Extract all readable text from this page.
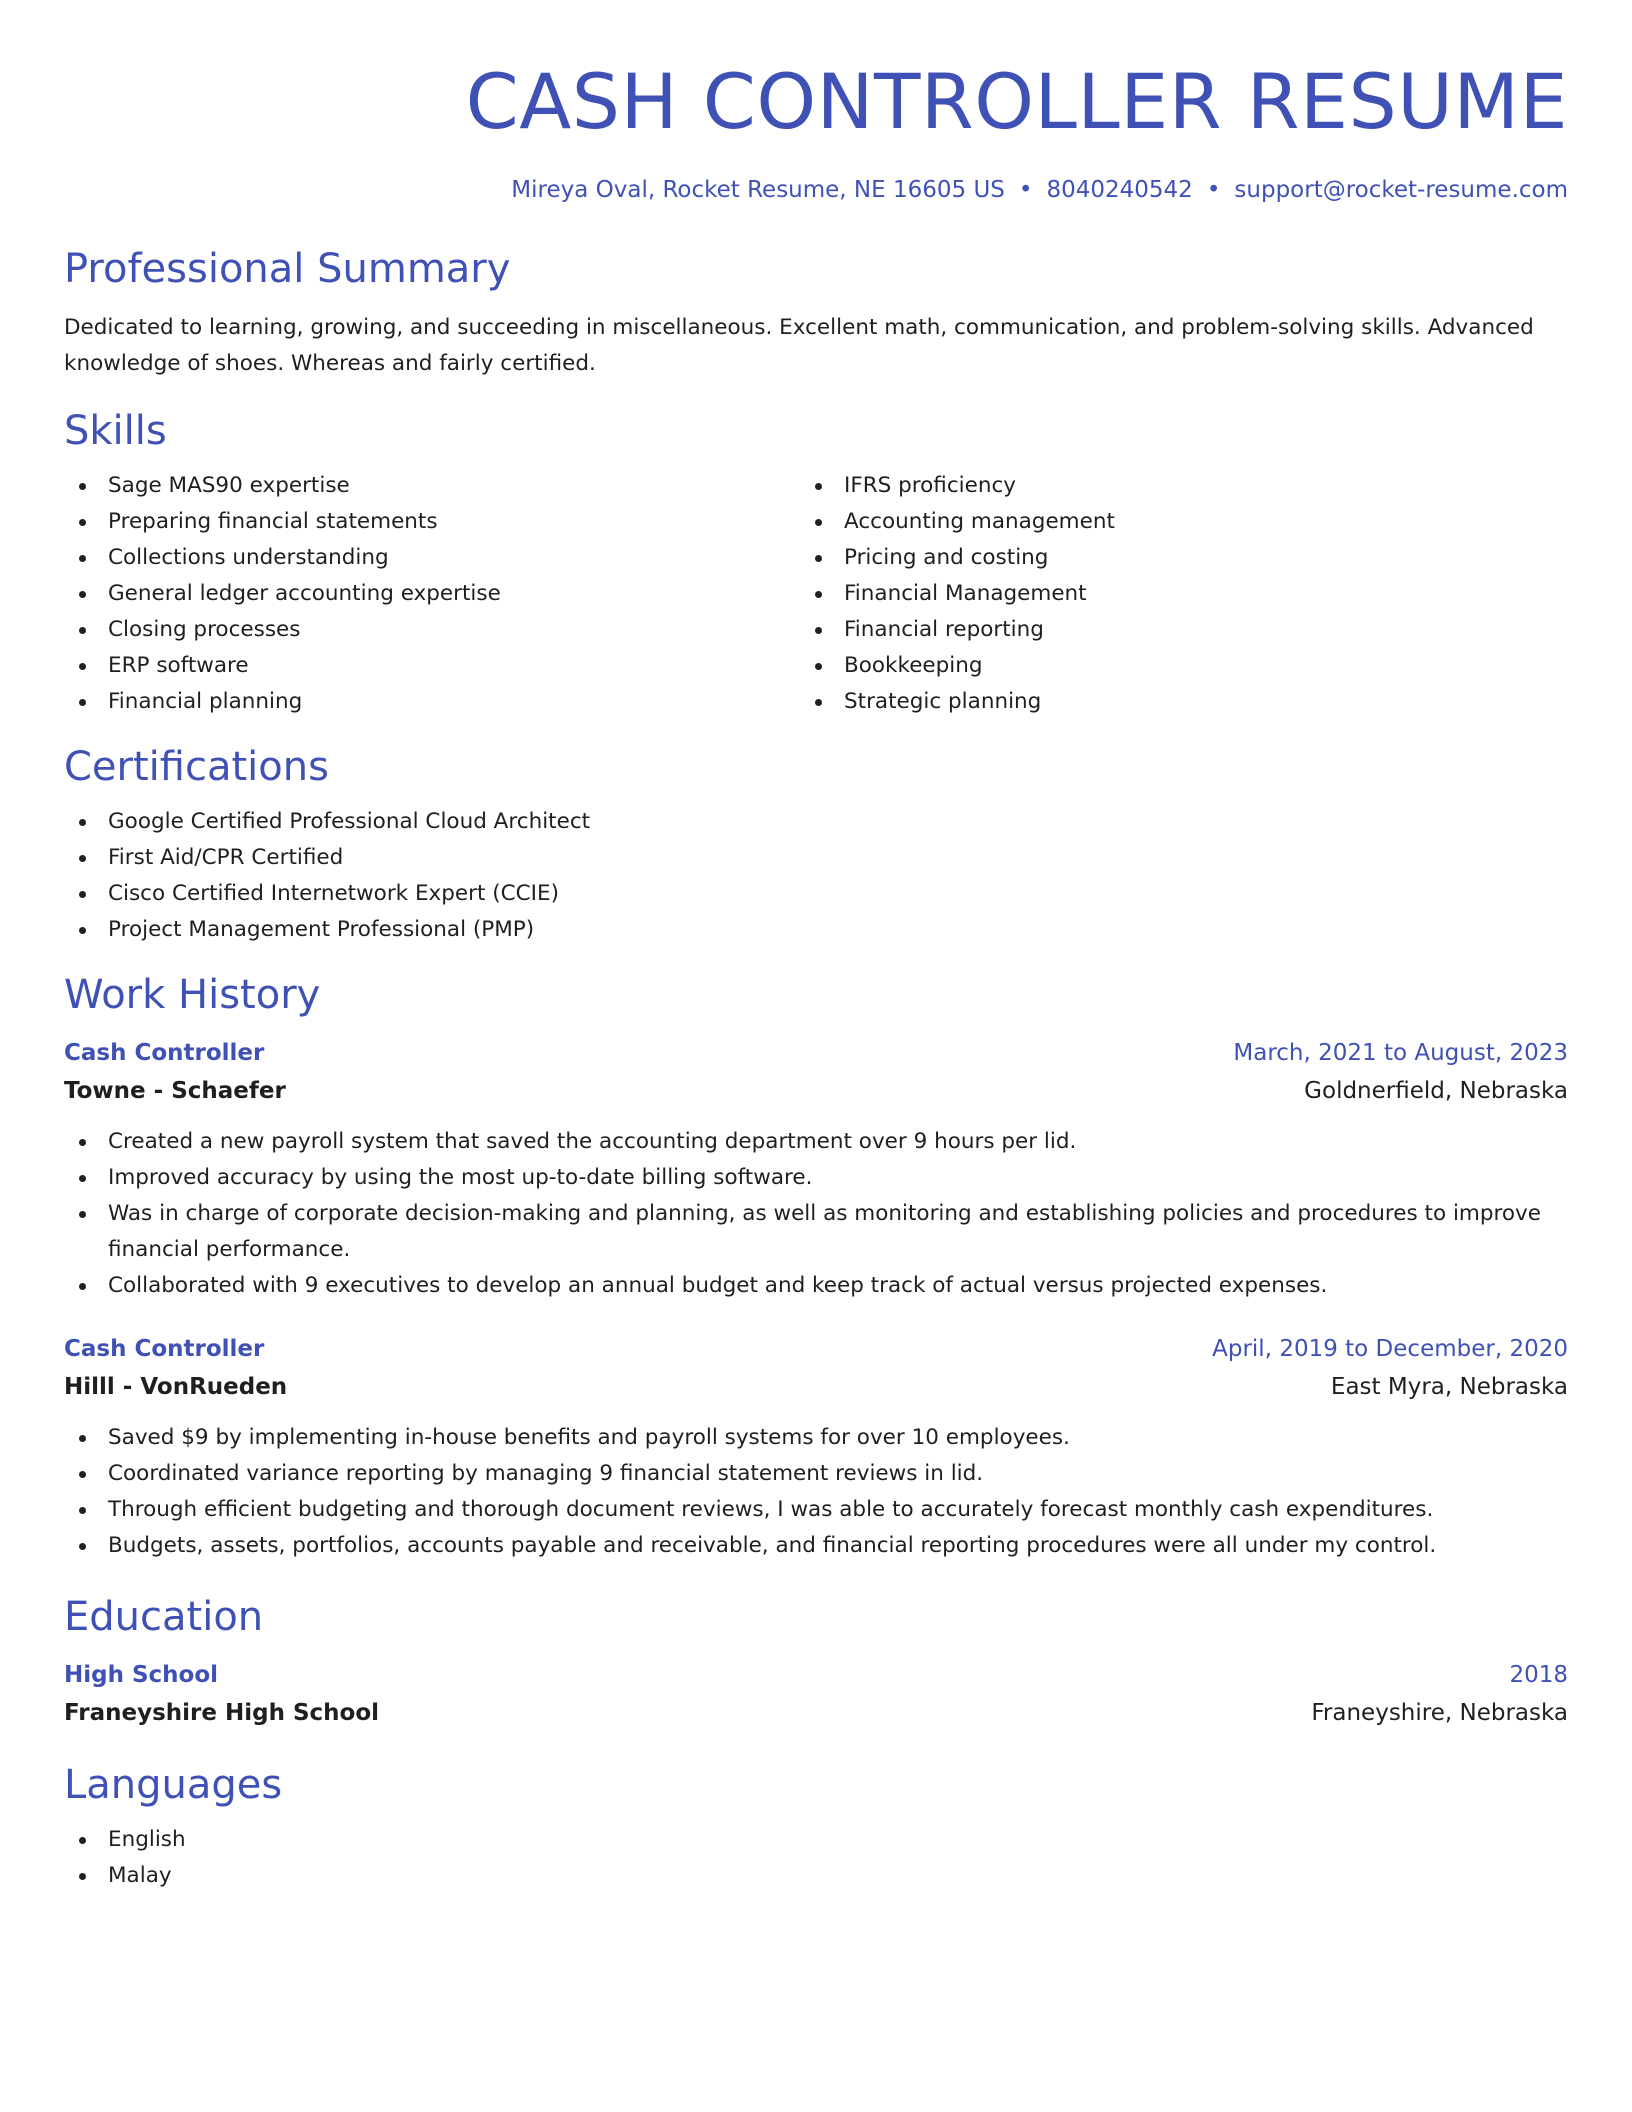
CASH CONTROLLER RESUME
Mireya Oval, Rocket Resume, NE 16605 US • 8040240542 • support@rocket-resume.com
Professional Summary

Dedicated to learning, growing, and succeeding in miscellaneous. Excellent math, communication, and problem-solving skills. Advanced knowledge of shoes. Whereas and fairly certified.

Skills
Sage MAS90 expertise
Preparing financial statements
Collections understanding
General ledger accounting expertise
Closing processes
ERP software
Financial planning
IFRS proficiency
Accounting management
Pricing and costing
Financial Management
Financial reporting
Bookkeeping
Strategic planning
Certifications
Google Certified Professional Cloud Architect
First Aid/CPR Certified
Cisco Certified Internetwork Expert (CCIE)
Project Management Professional (PMP)
Work History
Cash Controller	March, 2021 to August, 2023
Towne - Schaefer	Goldnerfield, Nebraska
Created a new payroll system that saved the accounting department over 9 hours per lid.
Improved accuracy by using the most up-to-date billing software.
Was in charge of corporate decision-making and planning, as well as monitoring and establishing policies and procedures to improve financial performance.
Collaborated with 9 executives to develop an annual budget and keep track of actual versus projected expenses.
Cash Controller	April, 2019 to December, 2020
Hilll - VonRueden	East Myra, Nebraska
Saved $9 by implementing in-house benefits and payroll systems for over 10 employees.
Coordinated variance reporting by managing 9 financial statement reviews in lid.
Through efficient budgeting and thorough document reviews, I was able to accurately forecast monthly cash expenditures.
Budgets, assets, portfolios, accounts payable and receivable, and financial reporting procedures were all under my control.
Education
High School	2018
Franeyshire High School	Franeyshire, Nebraska
Languages
English
Malay
